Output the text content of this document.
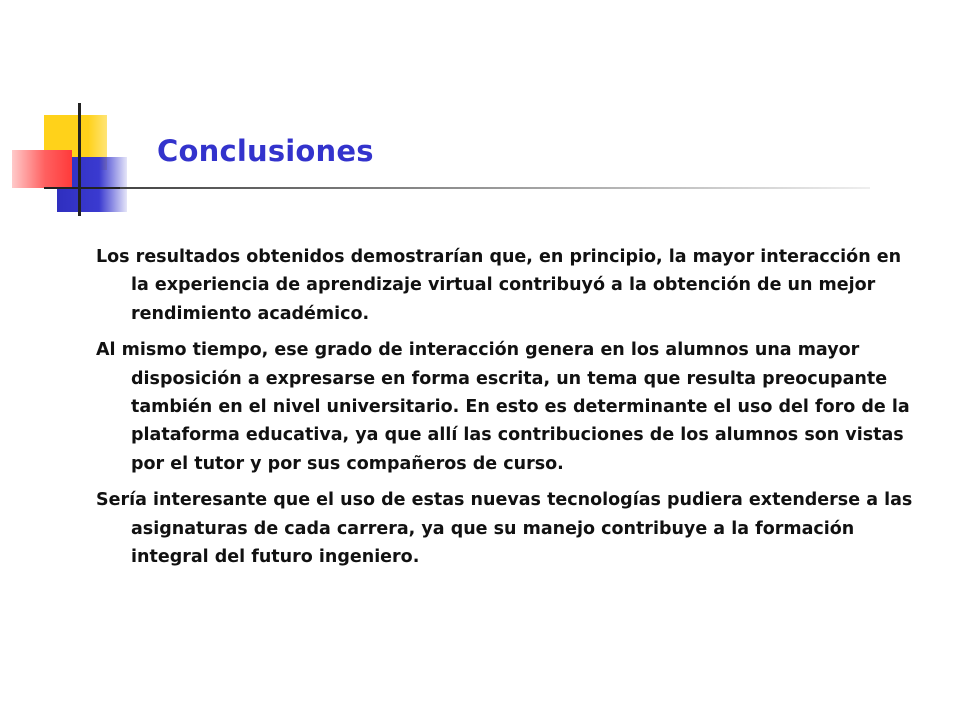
Conclusiones
Los resultados obtenidos demostrarían que, en principio, la mayor interacción en la experiencia de aprendizaje virtual contribuyó a la obtención de un mejor rendimiento académico.
Al mismo tiempo, ese grado de interacción genera en los alumnos una mayor disposición a expresarse en forma escrita, un tema que resulta preocupante también en el nivel universitario. En esto es determinante el uso del foro de la plataforma educativa, ya que allí las contribuciones de los alumnos son vistas por el tutor y por sus compañeros de curso.
Sería interesante que el uso de estas nuevas tecnologías pudiera extenderse a las asignaturas de cada carrera, ya que su manejo contribuye a la formación integral del futuro ingeniero.
